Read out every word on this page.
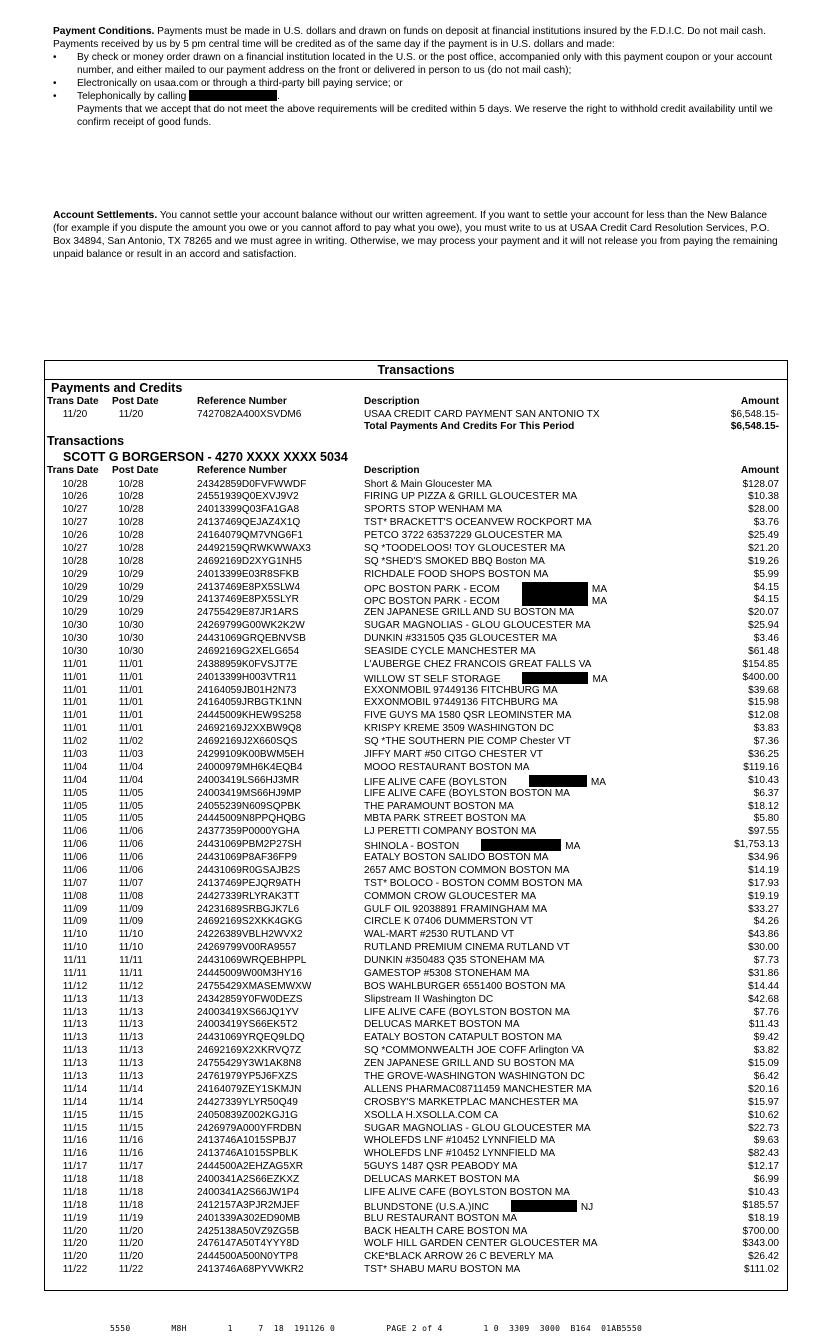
Payment Conditions. Payments must be made in U.S. dollars and drawn on funds on deposit at financial institutions insured by the F.D.I.C. Do not mail cash. Payments received by us by 5 pm central time will be credited as of the same day if the payment is in U.S. dollars and made:
• By check or money order drawn on a financial institution located in the U.S. or the post office, accompanied only with this payment coupon or your account number, and either mailed to our payment address on the front or delivered in person to us (do not mail cash);
• Electronically on usaa.com or through a third-party bill paying service; or
• Telephonically by calling	.
Payments that we accept that do not meet the above requirements will be credited within 5 days. We reserve the right to withhold credit availability until we confirm receipt of good funds.
Account Settlements. You cannot settle your account balance without our written agreement. If you want to settle your account for less than the New Balance (for example if you dispute the amount you owe or you cannot afford to pay what you owe), you must write to us at USAA Credit Card Resolution Services, P.O. Box 34894, San Antonio, TX 78265 and we must agree in writing. Otherwise, we may process your payment and it will not release you from paying the remaining unpaid balance or result in an accord and satisfaction.
Transactions
Payments and Credits
Trans Date Post Date	Reference Number	Description	Amount
11/20	11/20	7427082A400XSVDM6	USAA CREDIT CARD PAYMENT SAN ANTONIO TX	$6,548.15-
Total Payments And Credits For This Period	$6,548.15-
Transactions
SCOTT G BORGERSON - 4270 XXXX XXXX 5034
Trans Date Post Date	Reference Number	Description	Amount
10/28	10/28	24342859D0FVFWWDF	Short & Main Gloucester MA	$128.07
10/26	10/28	24551939Q0EXVJ9V2	FIRING UP PIZZA & GRILL GLOUCESTER MA	$10.38
10/27	10/28	24013399Q03FA1GA8	SPORTS STOP WENHAM MA	$28.00
10/27	10/28	24137469QEJAZ4X1Q	TST* BRACKETT'S OCEANVEW ROCKPORT MA	$3.76
10/26	10/28	24164079QM7VNG6F1	PETCO 3722 63537229 GLOUCESTER MA	$25.49
10/27	10/28	24492159QRWKWWAX3	SQ *TOODELOOS! TOY GLOUCESTER MA	$21.20
10/28	10/28	24692169D2XYG1NH5	SQ *SHED'S SMOKED BBQ Boston MA	$19.26
10/29	10/29	24013399E03R8SFKB	RICHDALE FOOD SHOPS BOSTON MA	$5.99
10/29	10/29	24137469E8PX5SLW4	OPC BOSTON PARK - ECOM	MA	$4.15
10/29	10/29	24137469E8PX5SLYR	OPC BOSTON PARK - ECOM	MA	$4.15
10/29	10/29	24755429E87JR1ARS	ZEN JAPANESE GRILL AND SU BOSTON MA	$20.07
10/30	10/30	24269799G00WK2K2W	SUGAR MAGNOLIAS - GLOU GLOUCESTER MA	$25.94
10/30	10/30	24431069GRQEBNVSB	DUNKIN #331505 Q35 GLOUCESTER MA	$3.46
10/30	10/30	24692169G2XELG654	SEASIDE CYCLE MANCHESTER MA	$61.48
11/01	11/01	24388959K0FVSJT7E	L'AUBERGE CHEZ FRANCOIS GREAT FALLS VA	$154.85
11/01	11/01	24013399H003VTR11	WILLOW ST SELF STORAGE	MA	$400.00
11/01	11/01	24164059JB01H2N73	EXXONMOBIL 97449136 FITCHBURG MA	$39.68
11/01	11/01	24164059JRBGTK1NN	EXXONMOBIL 97449136 FITCHBURG MA	$15.98
11/01	11/01	24445009KHEW9S258	FIVE GUYS MA 1580 QSR LEOMINSTER MA	$12.08
11/01	11/01	24692169J2XXBW9Q8	KRISPY KREME 3509 WASHINGTON DC	$3.83
11/02	11/02	24692169J2X660SQS	SQ *THE SOUTHERN PIE COMP Chester VT	$7.36
11/03	11/03	24299109K00BWM5EH	JIFFY MART #50 CITGO CHESTER VT	$36.25
11/04	11/04	24000979MH6K4EQB4	MOOO RESTAURANT BOSTON MA	$119.16
11/04	11/04	24003419LS66HJ3MR	LIFE ALIVE CAFE (BOYLSTON	MA	$10.43
11/05	11/05	24003419MS66HJ9MP	LIFE ALIVE CAFE (BOYLSTON BOSTON MA	$6.37
11/05	11/05	24055239N609SQPBK	THE PARAMOUNT BOSTON MA	$18.12
11/05	11/05	24445009N8PPQHQBG	MBTA PARK STREET BOSTON MA	$5.80
11/06	11/06	24377359P0000YGHA	LJ PERETTI COMPANY BOSTON MA	$97.55
11/06	11/06	24431069PBM2P27SH	SHINOLA - BOSTON	MA	$1,753.13
11/06	11/06	24431069P8AF36FP9	EATALY BOSTON SALIDO BOSTON MA	$34.96
11/06	11/06	24431069R0GSAJB2S	2657 AMC BOSTON COMMON BOSTON MA	$14.19
11/07	11/07	24137469PEJQR9ATH	TST* BOLOCO - BOSTON COMM BOSTON MA	$17.93
11/08	11/08	24427339RLYRAK3TT	COMMON CROW GLOUCESTER MA	$19.19
11/09	11/09	24231689SRBGJK7L6	GULF OIL 92038891 FRAMINGHAM MA	$33.27
11/09	11/09	24692169S2XKK4GKG	CIRCLE K 07406 DUMMERSTON VT	$4.26
11/10	11/10	24226389VBLH2WVX2	WAL-MART #2530 RUTLAND VT	$43.86
11/10	11/10	24269799V00RA9557	RUTLAND PREMIUM CINEMA RUTLAND VT	$30.00
11/11	11/11	24431069WRQEBHPPL	DUNKIN #350483 Q35 STONEHAM MA	$7.73
11/11	11/11	24445009W00M3HY16	GAMESTOP #5308 STONEHAM MA	$31.86
11/12	11/12	24755429XMASEMWXW	BOS WAHLBURGER 6551400 BOSTON MA	$14.44
11/13	11/13	24342859Y0FW0DEZS	Slipstream II Washington DC	$42.68
11/13	11/13	24003419XS66JQ1YV	LIFE ALIVE CAFE (BOYLSTON BOSTON MA	$7.76
11/13	11/13	24003419YS66EK5T2	DELUCAS MARKET BOSTON MA	$11.43
11/13	11/13	24431069YRQEQ9LDQ	EATALY BOSTON CATAPULT BOSTON MA	$9.42
11/13	11/13	24692169X2XKRVQ7Z	SQ *COMMONWEALTH JOE COFF Arlington VA	$3.82
11/13	11/13	24755429Y3W1AK8N8	ZEN JAPANESE GRILL AND SU BOSTON MA	$15.09
11/13	11/13	24761979YP5J6FXZS	THE GROVE-WASHINGTON WASHINGTON DC	$6.42
11/14	11/14	24164079ZEY1SKMJN	ALLENS PHARMAC08711459 MANCHESTER MA	$20.16
11/14	11/14	24427339YLYR50Q49	CROSBY'S MARKETPLAC MANCHESTER MA	$15.97
11/15	11/15	24050839Z002KGJ1G	XSOLLA H.XSOLLA.COM CA	$10.62
11/15	11/15	2426979A000YFRDBN	SUGAR MAGNOLIAS - GLOU GLOUCESTER MA	$22.73
11/16	11/16	2413746A1015SPBJ7	WHOLEFDS LNF #10452 LYNNFIELD MA	$9.63
11/16	11/16	2413746A1015SPBLK	WHOLEFDS LNF #10452 LYNNFIELD MA	$82.43
11/17	11/17	2444500A2EHZAG5XR	5GUYS 1487 QSR PEABODY MA	$12.17
11/18	11/18	2400341A2S66EZKXZ	DELUCAS MARKET BOSTON MA	$6.99
11/18	11/18	2400341A2S66JW1P4	LIFE ALIVE CAFE (BOYLSTON BOSTON MA	$10.43
11/18	11/18	2412157A3PJR2MJEF	BLUNDSTONE (U.S.A.)INC	NJ	$185.57
11/19	11/19	2401339A302ED90MB	BLU RESTAURANT BOSTON MA	$18.19
11/20	11/20	2425138A50VZ9ZG5B	BACK HEALTH CARE BOSTON MA	$700.00
11/20	11/20	2476147A50T4YYY8D	WOLF HILL GARDEN CENTER GLOUCESTER MA	$343.00
11/20	11/20	2444500A500N0YTP8	CKE*BLACK ARROW 26 C BEVERLY MA	$26.42
11/22	11/22	2413746A68PYVWKR2	TST* SHABU MARU BOSTON MA	$111.02
5550        M8H        1     7  18  191126 0          PAGE 2 of 4        1 0  3309  3000  B164  01AB5550
